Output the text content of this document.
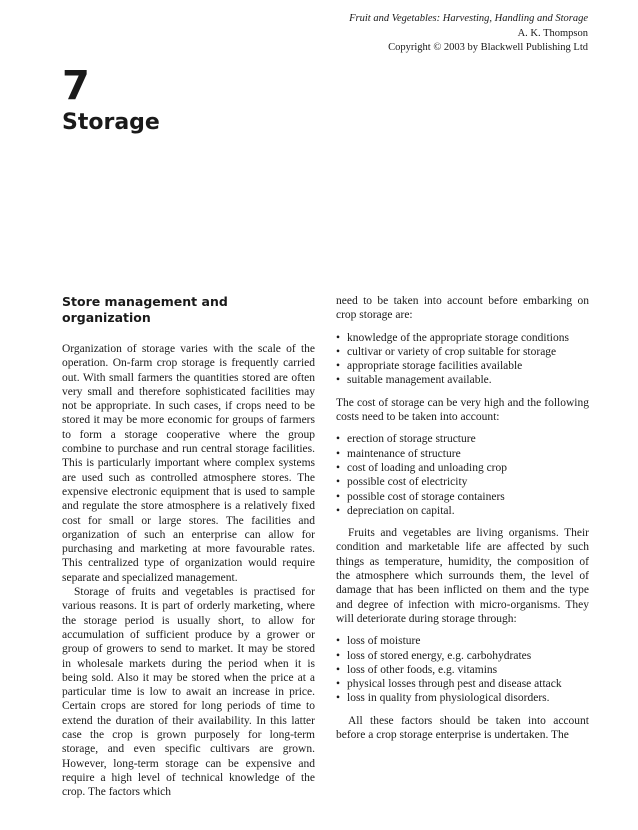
Fruit and Vegetables: Harvesting, Handling and Storage
A. K. Thompson
Copyright © 2003 by Blackwell Publishing Ltd
7
Storage
Store management and organization

Organization of storage varies with the scale of the operation. On-farm crop storage is frequently carried out. With small farmers the quantities stored are often very small and therefore sophisticated facilities may not be appropriate. In such cases, if crops need to be stored it may be more economic for groups of farmers to form a storage cooperative where the group combine to purchase and run central storage facilities. This is particularly important where complex systems are used such as controlled atmosphere stores. The expensive electronic equipment that is used to sample and regulate the store atmosphere is a relatively fixed cost for small or large stores. The facilities and organization of such an enterprise can allow for purchasing and marketing at more favourable rates. This centralized type of organization would require separate and specialized management.

Storage of fruits and vegetables is practised for various reasons. It is part of orderly marketing, where the storage period is usually short, to allow for accumulation of sufficient produce by a grower or group of growers to send to market. It may be stored in wholesale markets during the period when it is being sold. Also it may be stored when the price at a particular time is low to await an increase in price. Certain crops are stored for long periods of time to extend the duration of their availability. In this latter case the crop is grown purposely for long-term storage, and even specific cultivars are grown. However, long-term storage can be expensive and require a high level of technical knowledge of the crop. The factors which

need to be taken into account before embarking on crop storage are:

• knowledge of the appropriate storage conditions
• cultivar or variety of crop suitable for storage
• appropriate storage facilities available
• suitable management available.

The cost of storage can be very high and the following costs need to be taken into account:

• erection of storage structure
• maintenance of structure
• cost of loading and unloading crop
• possible cost of electricity
• possible cost of storage containers
• depreciation on capital.

Fruits and vegetables are living organisms. Their condition and marketable life are affected by such things as temperature, humidity, the composition of the atmosphere which surrounds them, the level of damage that has been inflicted on them and the type and degree of infection with micro-organisms. They will deteriorate during storage through:

• loss of moisture
• loss of stored energy, e.g. carbohydrates
• loss of other foods, e.g. vitamins
• physical losses through pest and disease attack
• loss in quality from physiological disorders.

All these factors should be taken into account before a crop storage enterprise is undertaken. The
